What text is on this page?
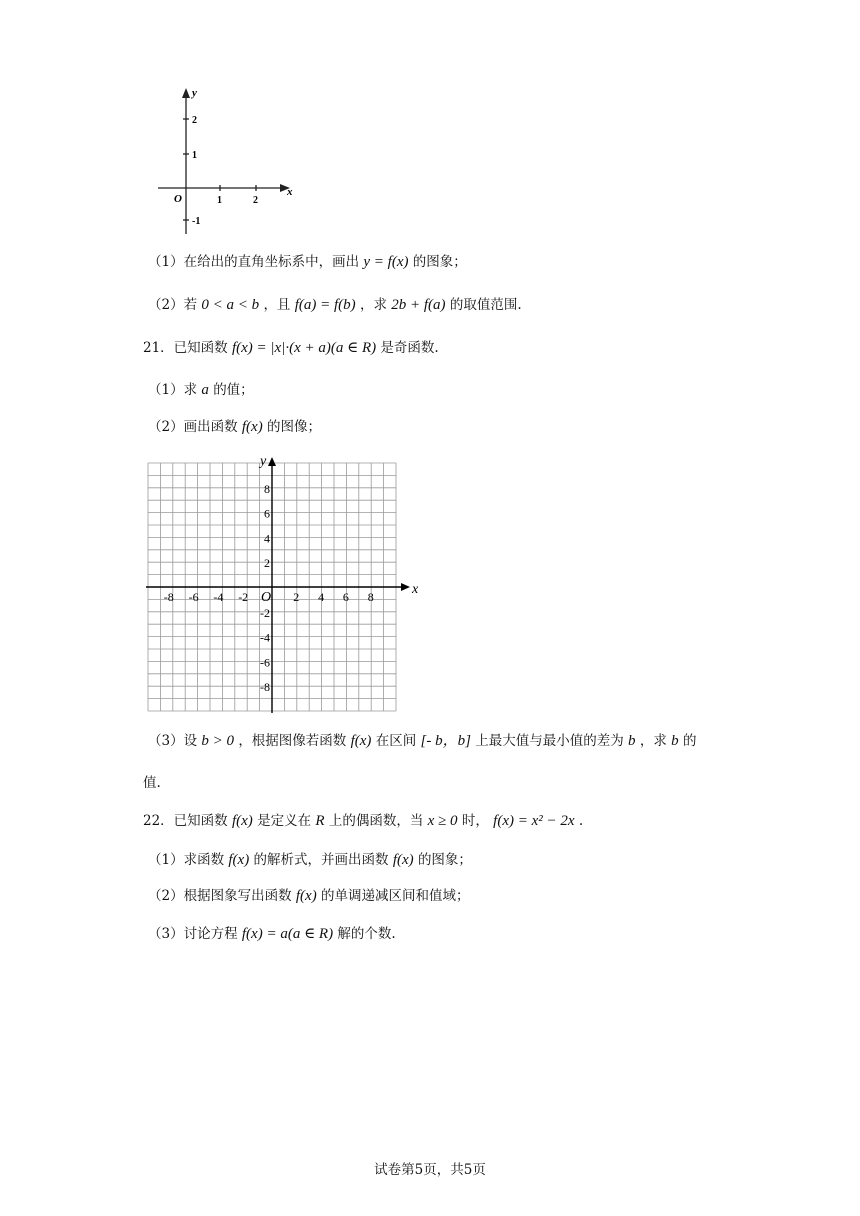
y
x
O	1	2
2
1
-1
（1）在给出的直角坐标系中，画出 y = f(x) 的图象；
（2）若 0 < a < b ，且 f(a) = f(b) ，求 2b + f(a) 的取值范围.
21．已知函数 f(x) = |x|·(x + a)(a ∈ R) 是奇函数.
（1）求 a 的值；
（2）画出函数 f(x) 的图像；
x
y
O
-8 -6 -4 -2	2 4 6 8
8
6
4
2
-2
-4
-6
-8
（3）设 b > 0 ，根据图像若函数 f(x) 在区间 [- b，b] 上最大值与最小值的差为 b ，求 b 的
值.
22．已知函数 f(x) 是定义在 R 上的偶函数，当 x ≥ 0 时， f(x) = x² − 2x .
（1）求函数 f(x) 的解析式，并画出函数 f(x) 的图象；
（2）根据图象写出函数 f(x) 的单调递减区间和值域；
（3）讨论方程 f(x) = a(a ∈ R) 解的个数.
试卷第5页，共5页
